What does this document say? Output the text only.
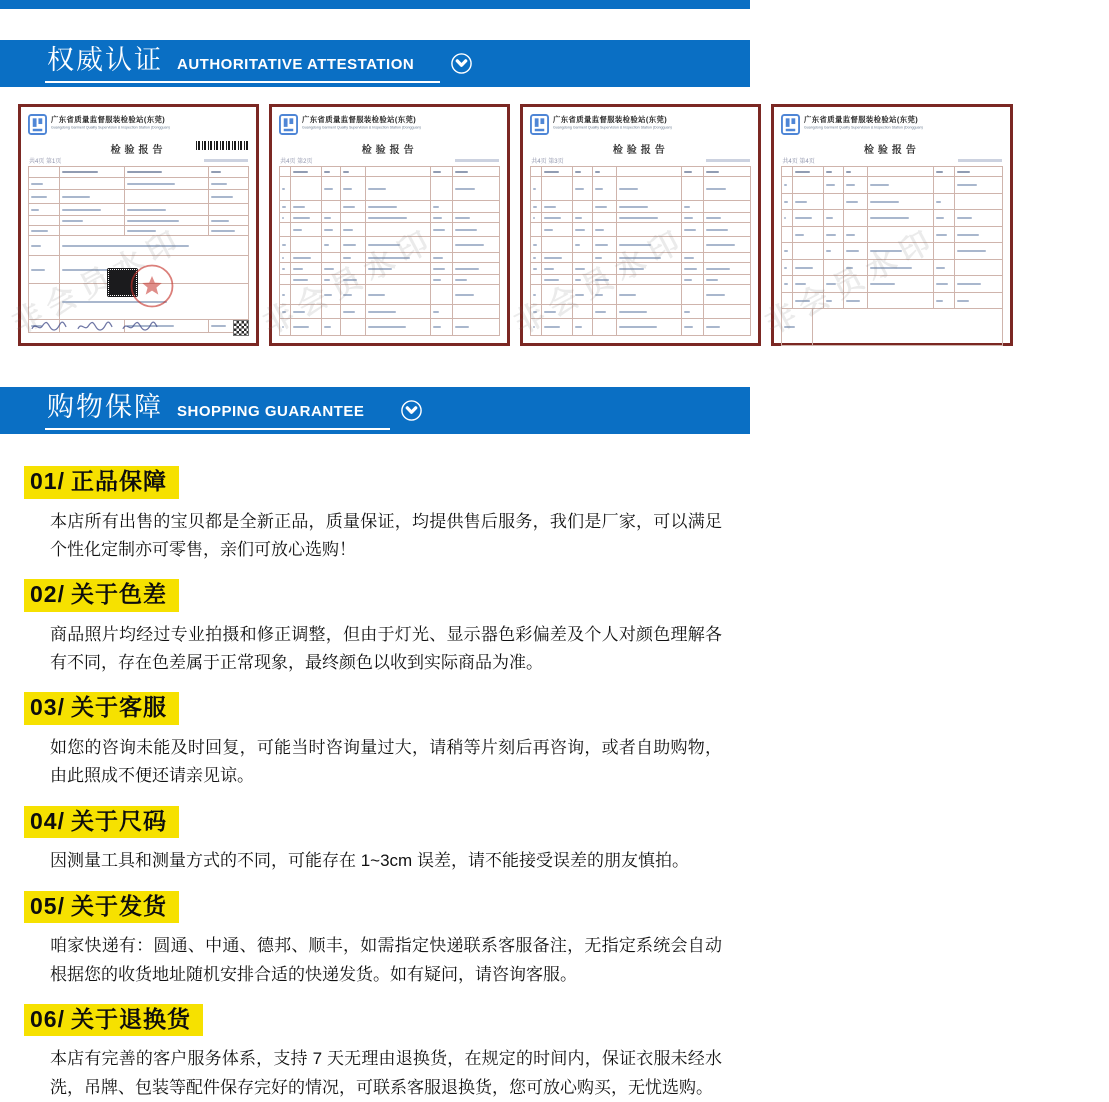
权威认证 AUTHORITATIVE ATTESTATION
非会员水印
广东省质量监督服装检验站(东莞)
Guangdong Garment Quality Supervision & Inspection Station (Dongguan)
检验报告
共4页 第1页
非会员水印
广东省质量监督服装检验站(东莞)
Guangdong Garment Quality Supervision & Inspection Station (Dongguan)
检验报告
共4页 第2页
非会员水印
广东省质量监督服装检验站(东莞)
Guangdong Garment Quality Supervision & Inspection Station (Dongguan)
检验报告
共4页 第3页
非会员水印
广东省质量监督服装检验站(东莞)
Guangdong Garment Quality Supervision & Inspection Station (Dongguan)
检验报告
共4页 第4页
购物保障 SHOPPING GUARANTEE
01/ 正品保障

本店所有出售的宝贝都是全新正品，质量保证，均提供售后服务，我们是厂家，可以满足个性化定制亦可零售，亲们可放心选购！

02/ 关于色差

商品照片均经过专业拍摄和修正调整，但由于灯光、显示器色彩偏差及个人对颜色理解各有不同，存在色差属于正常现象，最终颜色以收到实际商品为准。

03/ 关于客服

如您的咨询未能及时回复，可能当时咨询量过大，请稍等片刻后再咨询，或者自助购物，由此照成不便还请亲见谅。

04/ 关于尺码

因测量工具和测量方式的不同，可能存在 1~3cm 误差，请不能接受误差的朋友慎拍。

05/ 关于发货

咱家快递有：圆通、中通、德邦、顺丰，如需指定快递联系客服备注，无指定系统会自动根据您的收货地址随机安排合适的快递发货。如有疑问，请咨询客服。

06/ 关于退换货

本店有完善的客户服务体系，支持 7 天无理由退换货，在规定的时间内，保证衣服未经水洗，吊牌、包装等配件保存完好的情况，可联系客服退换货，您可放心购买，无忧选购。
